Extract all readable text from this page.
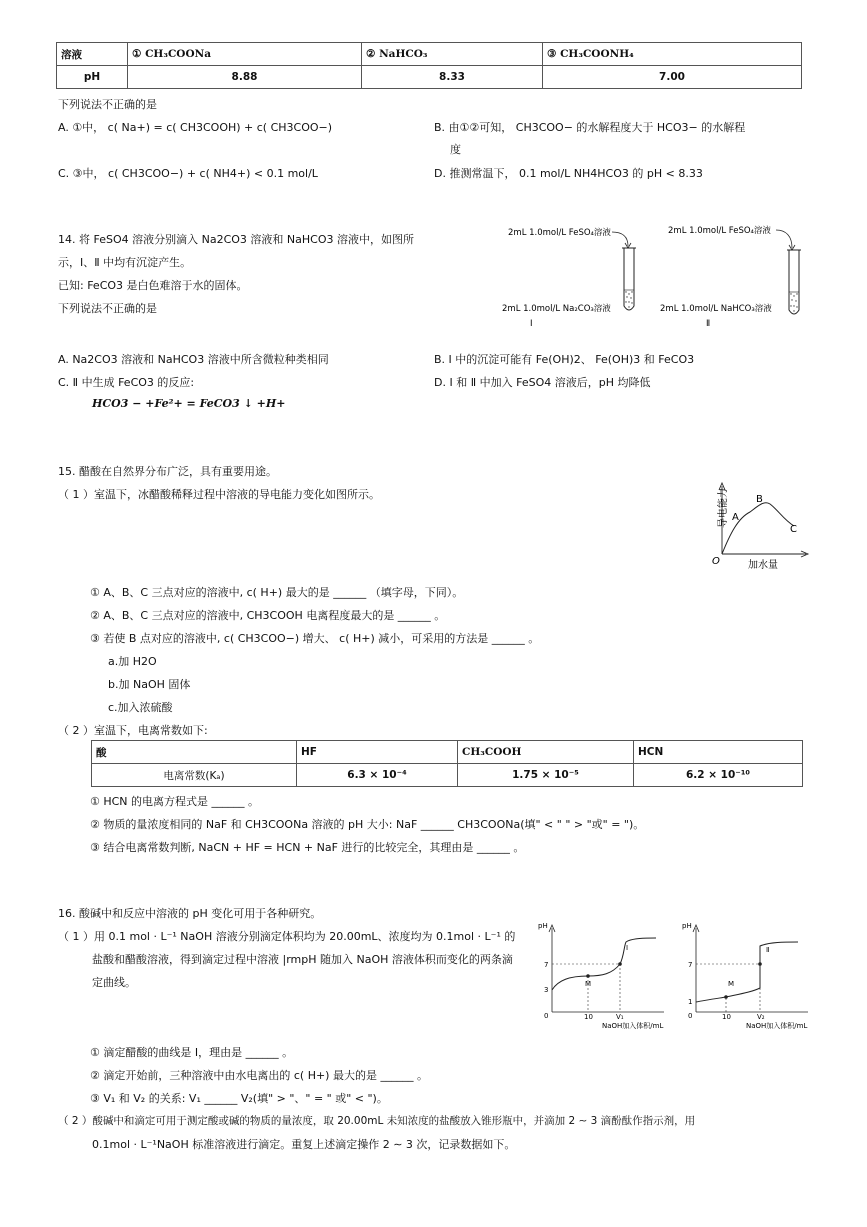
溶液	① CH₃COONa	② NaHCO₃	③ CH₃COONH₄
pH	8.88	8.33	7.00
下列说法不正确的是
A. ①中， c( Na+) = c( CH3COOH) + c( CH3COO−)	B. 由①②可知， CH3COO− 的水解程度大于 HCO3− 的水解程
度
C. ③中， c( CH3COO−) + c( NH4+) < 0.1 mol/L	D. 推测常温下， 0.1 mol/L NH4HCO3 的 pH < 8.33
14. 将 FeSO4 溶液分别滴入 Na2CO3 溶液和 NaHCO3 溶液中，如图所
示，Ⅰ、Ⅱ 中均有沉淀产生。
已知: FeCO3 是白色难溶于水的固体。
下列说法不正确的是
2mL 1.0mol/L FeSO₄溶液
2mL 1.0mol/L Na₂CO₃溶液
Ⅰ
2mL 1.0mol/L FeSO₄溶液
2mL 1.0mol/L NaHCO₃溶液
Ⅱ
A. Na2CO3 溶液和 NaHCO3 溶液中所含微粒种类相同	B. Ⅰ 中的沉淀可能有 Fe(OH)2、 Fe(OH)3 和 FeCO3
C. Ⅱ 中生成 FeCO3 的反应:
HCO3 − +Fe²+ = FeCO3 ↓ +H+
D. Ⅰ 和 Ⅱ 中加入 FeSO4 溶液后，pH 均降低
15. 醋酸在自然界分布广泛，具有重要用途。
（ 1 ）室温下，冰醋酸稀释过程中溶液的导电能力变化如图所示。	导电能力
加水量
O
A
B
C
① A、B、C 三点对应的溶液中, c( H+) 最大的是 ______ （填字母，下同）。
② A、B、C 三点对应的溶液中, CH3COOH 电离程度最大的是 ______ 。
③ 若使 B 点对应的溶液中, c( CH3COO−) 增大、 c( H+) 减小，可采用的方法是 ______ 。
a.加 H2O
b.加 NaOH 固体
c.加入浓硫酸
（ 2 ）室温下，电离常数如下:
酸	HF	CH₃COOH	HCN
电离常数(Kₐ)	6.3 × 10⁻⁴	1.75 × 10⁻⁵	6.2 × 10⁻¹⁰
① HCN 的电离方程式是 ______ 。
② 物质的量浓度相同的 NaF 和 CH3COONa 溶液的 pH 大小: NaF ______ CH3COONa(填" < " " > "或" = ")。
③ 结合电离常数判断, NaCN + HF = HCN + NaF 进行的比较完全，其理由是 ______ 。
16. 酸碱中和反应中溶液的 pH 变化可用于各种研究。
（ 1 ）用 0.1 mol · L⁻¹ NaOH 溶液分别滴定体积均为 20.00mL、浓度均为 0.1mol · L⁻¹ 的
盐酸和醋酸溶液，得到滴定过程中溶液 |rmpH 随加入 NaOH 溶液体积而变化的两条滴
定曲线。
pH
7
3
0	10	V₁
M
Ⅰ
NaOH加入体积/mL
pH
7
1
0	10	V₂
M
Ⅱ
NaOH加入体积/mL
① 滴定醋酸的曲线是 I，理由是 ______ 。
② 滴定开始前，三种溶液中由水电离出的 c( H+) 最大的是 ______ 。
③ V₁ 和 V₂ 的关系: V₁ ______ V₂(填" > "、" = " 或" < ")。
（ 2 ）酸碱中和滴定可用于测定酸或碱的物质的量浓度，取 20.00mL 未知浓度的盐酸放入锥形瓶中，并滴加 2 ∼ 3 滴酚酞作指示剂，用
0.1mol · L⁻¹NaOH 标准溶液进行滴定。重复上述滴定操作 2 ∼ 3 次，记录数据如下。
